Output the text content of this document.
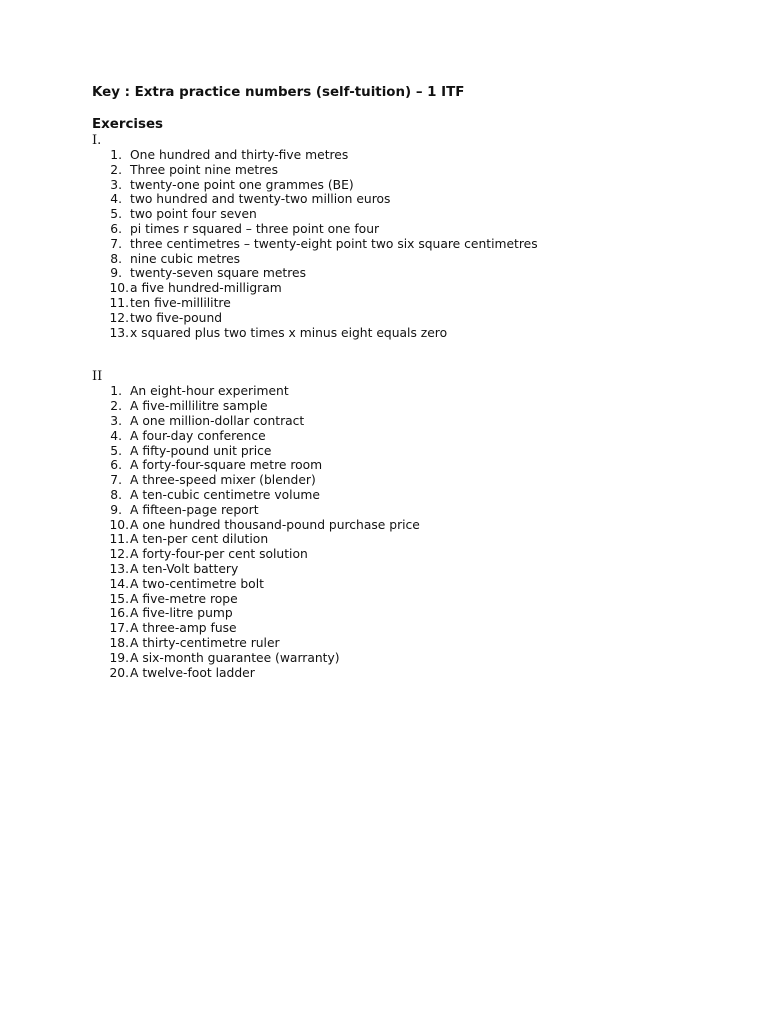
Key : Extra practice numbers (self-tuition) – 1 ITF

Exercises

I.

1. One hundred and thirty-five metres
2. Three point nine metres
3. twenty-one point one grammes (BE)
4. two hundred and twenty-two million euros
5. two point four seven
6. pi times r squared – three point one four
7. three centimetres – twenty-eight point two six square centimetres
8. nine cubic metres
9. twenty-seven square metres
10. a five hundred-milligram
11. ten five-millilitre
12. two five-pound
13. x squared plus two times x minus eight equals zero

II

1. An eight-hour experiment
2. A five-millilitre sample
3. A one million-dollar contract
4. A four-day conference
5. A fifty-pound unit price
6. A forty-four-square metre room
7. A three-speed mixer (blender)
8. A ten-cubic centimetre volume
9. A fifteen-page report
10. A one hundred thousand-pound purchase price
11. A ten-per cent dilution
12. A forty-four-per cent solution
13. A ten-Volt battery
14. A two-centimetre bolt
15. A five-metre rope
16. A five-litre pump
17. A three-amp fuse
18. A thirty-centimetre ruler
19. A six-month guarantee (warranty)
20. A twelve-foot ladder
